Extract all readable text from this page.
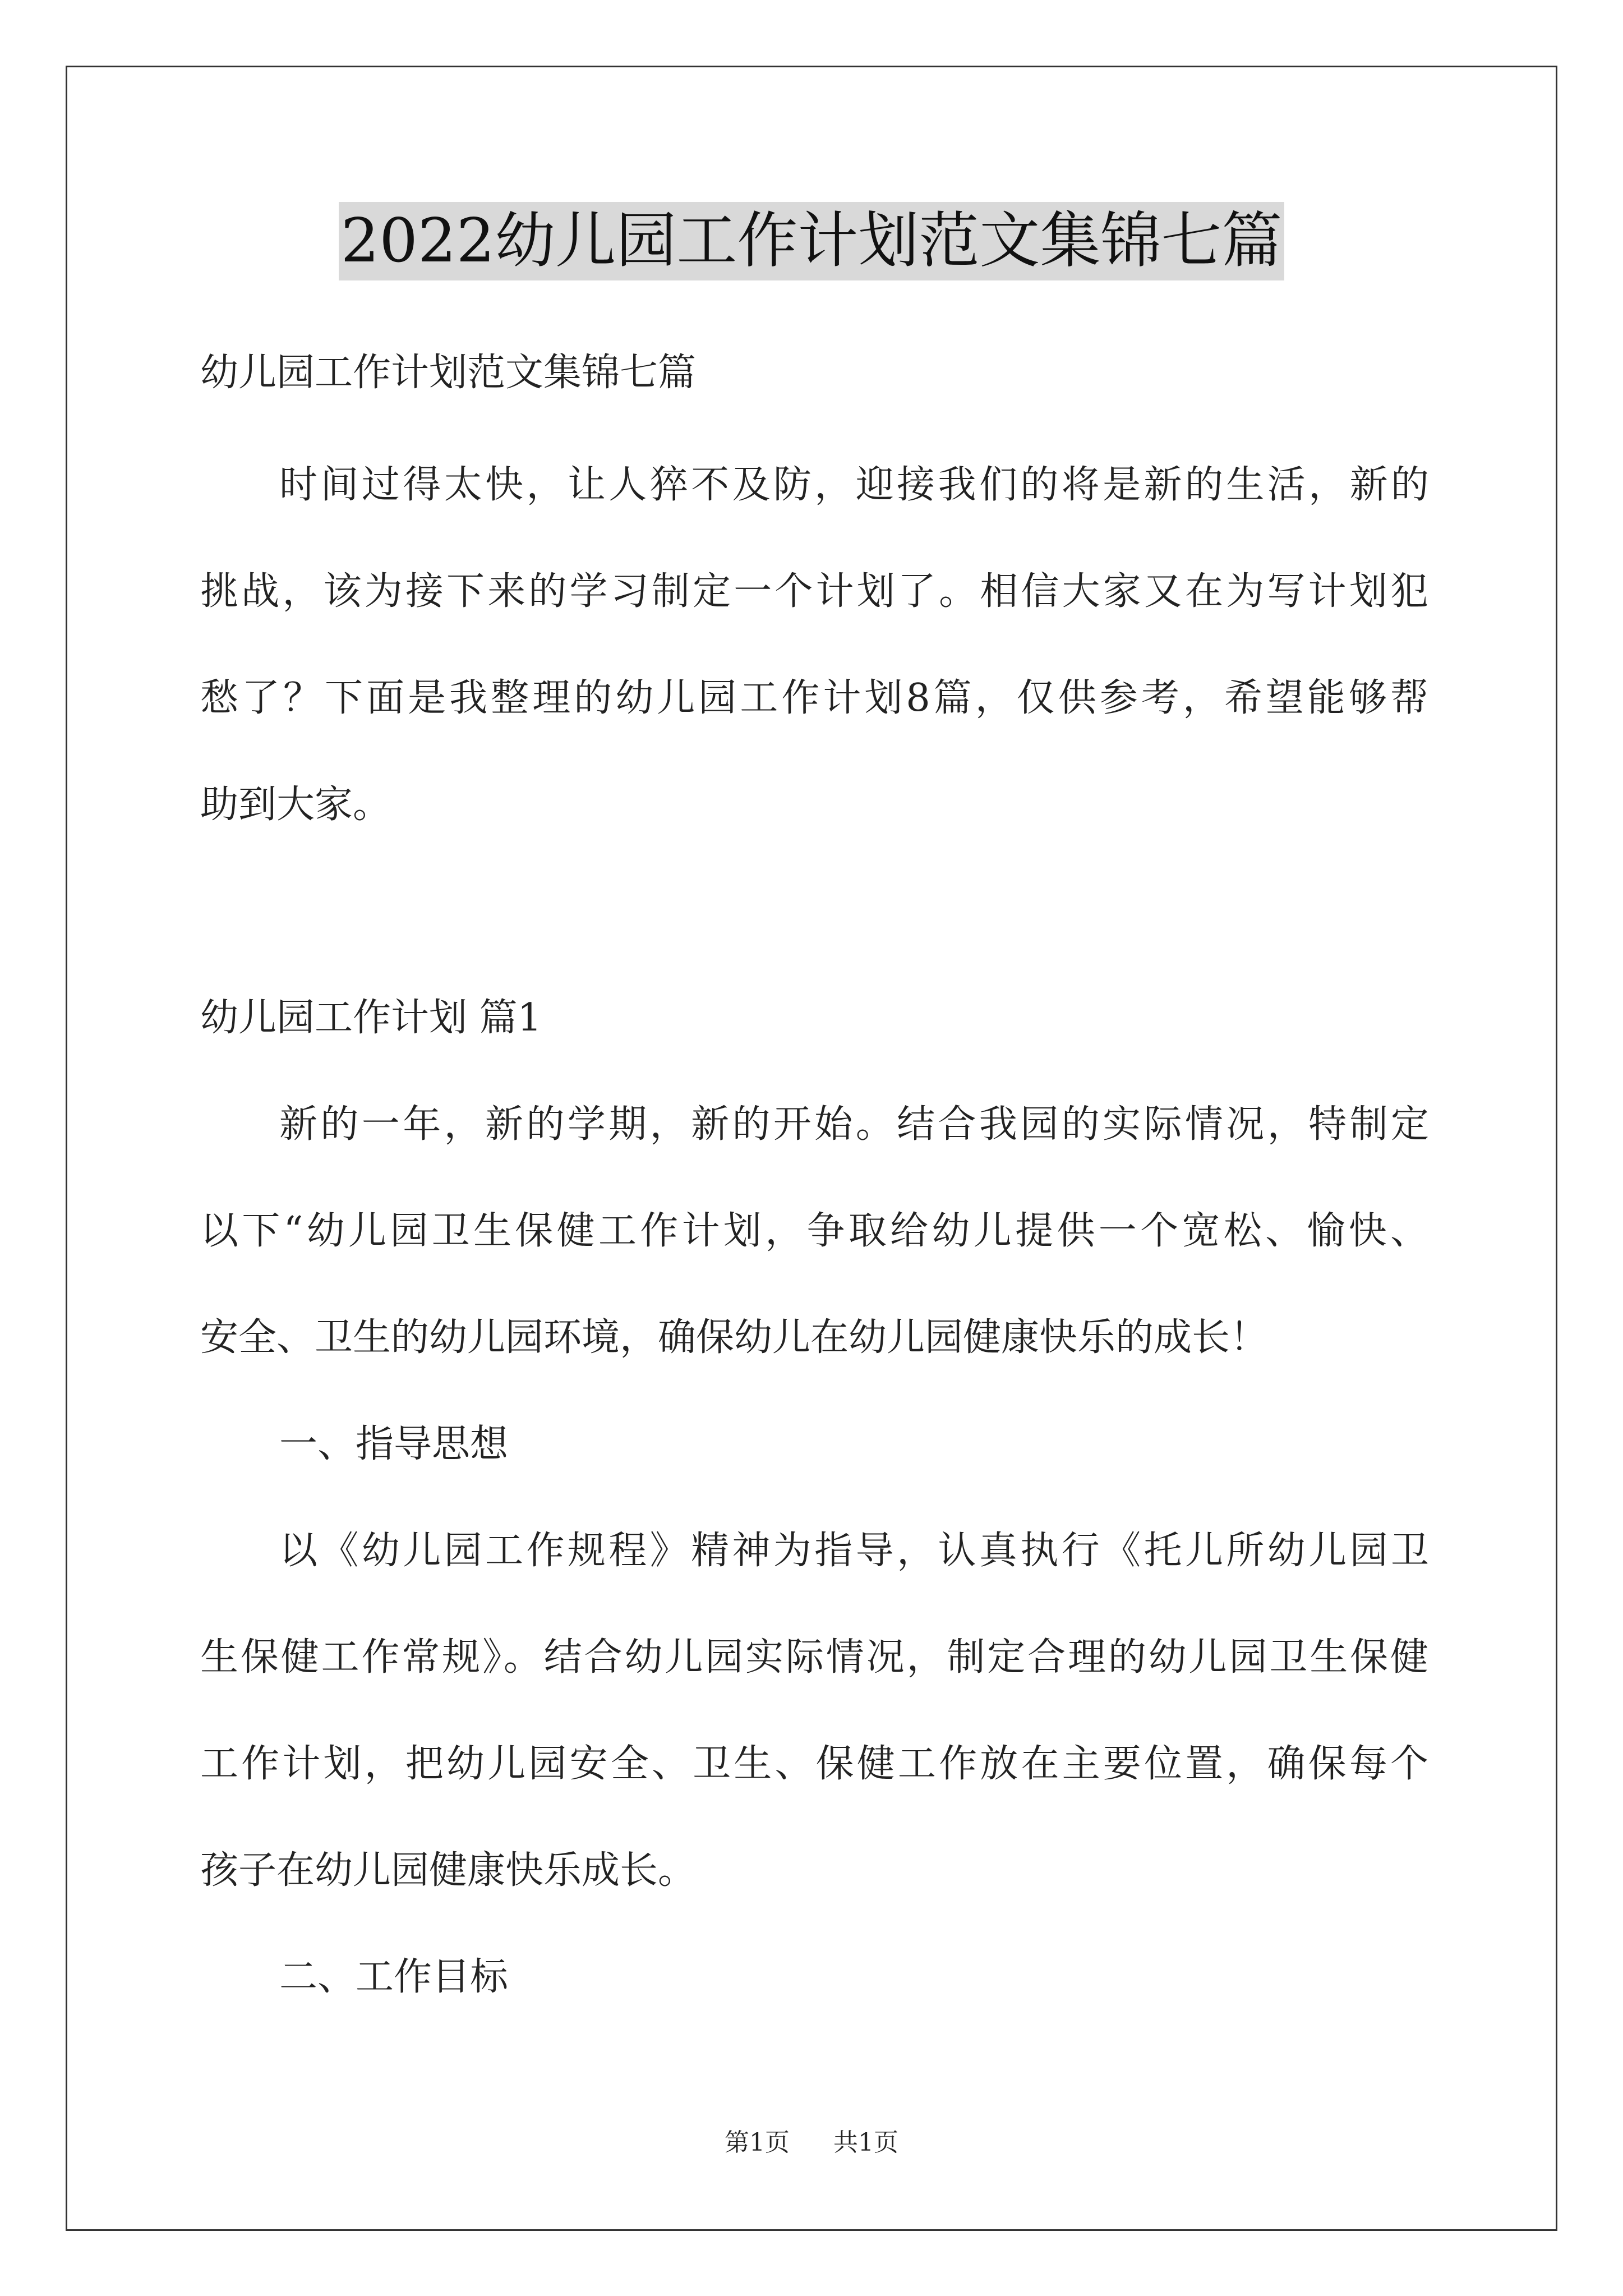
2022幼儿园工作计划范文集锦七篇
幼儿园工作计划范文集锦七篇
时间过得太快，让人猝不及防，迎接我们的将是新的生活，新的
挑战，该为接下来的学习制定一个计划了。相信大家又在为写计划犯
愁了？下面是我整理的幼儿园工作计划8篇，仅供参考，希望能够帮
助到大家。
幼儿园工作计划 篇1
新的一年，新的学期，新的开始。结合我园的实际情况，特制定
以下“幼儿园卫生保健工作计划，争取给幼儿提供一个宽松、愉快、
安全、卫生的幼儿园环境，确保幼儿在幼儿园健康快乐的成长！
一、指导思想
以《幼儿园工作规程》精神为指导，认真执行《托儿所幼儿园卫
生保健工作常规》。结合幼儿园实际情况，制定合理的幼儿园卫生保健
工作计划，把幼儿园安全、卫生、保健工作放在主要位置，确保每个
孩子在幼儿园健康快乐成长。
二、工作目标
第1页 共1页
